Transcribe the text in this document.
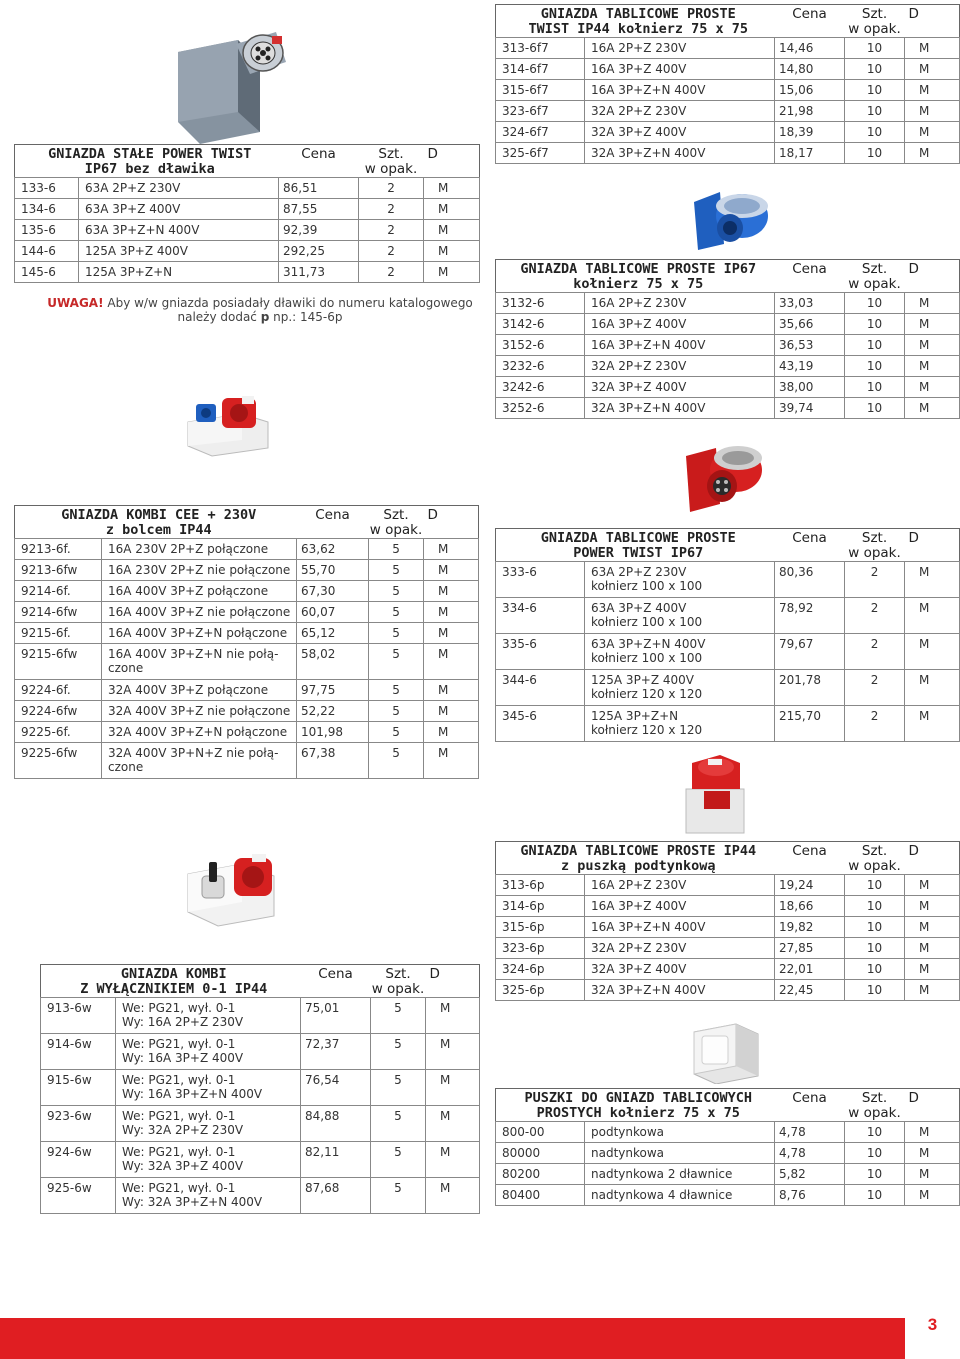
GNIAZDA STAŁE POWER TWIST
IP67 bez dławika		Cena	Szt.
w opak.	D
133-6	63A 2P+Z 230V	86,51	2	M
134-6	63A 3P+Z 400V	87,55	2	M
135-6	63A 3P+Z+N 400V	92,39	2	M
144-6	125A 3P+Z 400V	292,25	2	M
145-6	125A 3P+Z+N	311,73	2	M
GNIAZDA TABLICOWE PROSTE
TWIST IP44 kołnierz 75 x 75		Cena	Szt.
w opak.	D
313-6f7	16A 2P+Z 230V	14,46	10	M
314-6f7	16A 3P+Z 400V	14,80	10	M
315-6f7	16A 3P+Z+N 400V	15,06	10	M
323-6f7	32A 2P+Z 230V	21,98	10	M
324-6f7	32A 3P+Z 400V	18,39	10	M
325-6f7	32A 3P+Z+N 400V	18,17	10	M
GNIAZDA TABLICOWE PROSTE IP67
kołnierz 75 x 75		Cena	Szt.
w opak.	D
3132-6	16A 2P+Z 230V	33,03	10	M
3142-6	16A 3P+Z 400V	35,66	10	M
3152-6	16A 3P+Z+N 400V	36,53	10	M
3232-6	32A 2P+Z 230V	43,19	10	M
3242-6	32A 3P+Z 400V	38,00	10	M
3252-6	32A 3P+Z+N 400V	39,74	10	M
GNIAZDA KOMBI CEE + 230V
z bolcem IP44		Cena	Szt.
w opak.	D
9213-6f.	16A 230V 2P+Z połączone	63,62	5	M
9213-6fw	16A 230V 2P+Z nie połączone	55,70	5	M
9214-6f.	16A 400V 3P+Z połączone	67,30	5	M
9214-6fw	16A 400V 3P+Z nie połączone	60,07	5	M
9215-6f.	16A 400V 3P+Z+N połączone	65,12	5	M
9215-6fw	16A 400V 3P+Z+N nie połą-
czone	58,02	5	M
9224-6f.	32A 400V 3P+Z połączone	97,75	5	M
9224-6fw	32A 400V 3P+Z nie połączone	52,22	5	M
9225-6f.	32A 400V 3P+Z+N połączone	101,98	5	M
9225-6fw	32A 400V 3P+N+Z nie połą-
czone	67,38	5	M
GNIAZDA TABLICOWE PROSTE
POWER TWIST IP67		Cena	Szt.
w opak.	D
333-6	63A 2P+Z 230V
kołnierz 100 x 100	80,36	2	M
334-6	63A 3P+Z 400V
kołnierz 100 x 100	78,92	2	M
335-6	63A 3P+Z+N 400V
kołnierz 100 x 100	79,67	2	M
344-6	125A 3P+Z 400V
kołnierz 120 x 120	201,78	2	M
345-6	125A 3P+Z+N
kołnierz 120 x 120	215,70	2	M
GNIAZDA TABLICOWE PROSTE IP44
z puszką podtynkową		Cena	Szt.
w opak.	D
313-6p	16A 2P+Z 230V	19,24	10	M
314-6p	16A 3P+Z 400V	18,66	10	M
315-6p	16A 3P+Z+N 400V	19,82	10	M
323-6p	32A 2P+Z 230V	27,85	10	M
324-6p	32A 3P+Z 400V	22,01	10	M
325-6p	32A 3P+Z+N 400V	22,45	10	M
GNIAZDA KOMBI
Z WYŁĄCZNIKIEM 0-1 IP44		Cena	Szt.
w opak.	D
913-6w	We: PG21, wył. 0-1
Wy: 16A 2P+Z 230V	75,01	5	M
914-6w	We: PG21, wył. 0-1
Wy: 16A 3P+Z 400V	72,37	5	M
915-6w	We: PG21, wył. 0-1
Wy: 16A 3P+Z+N 400V	76,54	5	M
923-6w	We: PG21, wył. 0-1
Wy: 32A 2P+Z 230V	84,88	5	M
924-6w	We: PG21, wył. 0-1
Wy: 32A 3P+Z 400V	82,11	5	M
925-6w	We: PG21, wył. 0-1
Wy: 32A 3P+Z+N 400V	87,68	5	M
PUSZKI DO GNIAZD TABLICOWYCH
PROSTYCH kołnierz 75 x 75		Cena	Szt.
w opak.	D
800-00	podtynkowa	4,78	10	M
80000	nadtynkowa	4,78	10	M
80200	nadtynkowa 2 dławnice	5,82	10	M
80400	nadtynkowa 4 dławnice	8,76	10	M
UWAGA! Aby w/w gniazda posiadały dławiki do numeru katalogowego
należy dodać p np.: 145-6p
3
